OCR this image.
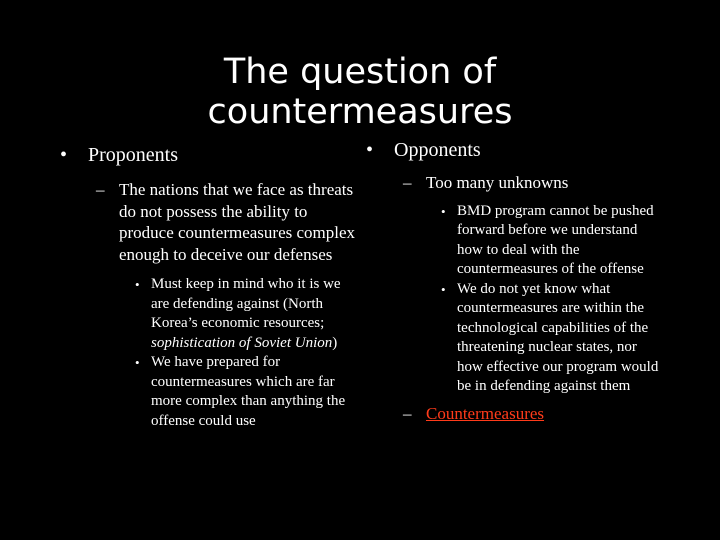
The question of countermeasures
• Proponents
– The nations that we face as threats do not possess the ability to produce countermeasures complex enough to deceive our defenses
• Must keep in mind who it is we are defending against (North Korea’s economic resources; sophistication of Soviet Union)
• We have prepared for countermeasures which are far more complex than anything the offense could use
• Opponents
– Too many unknowns
• BMD program cannot be pushed forward before we understand how to deal with the countermeasures of the offense
• We do not yet know what countermeasures are within the technological capabilities of the threatening nuclear states, nor how effective our program would be in defending against them
– Countermeasures
